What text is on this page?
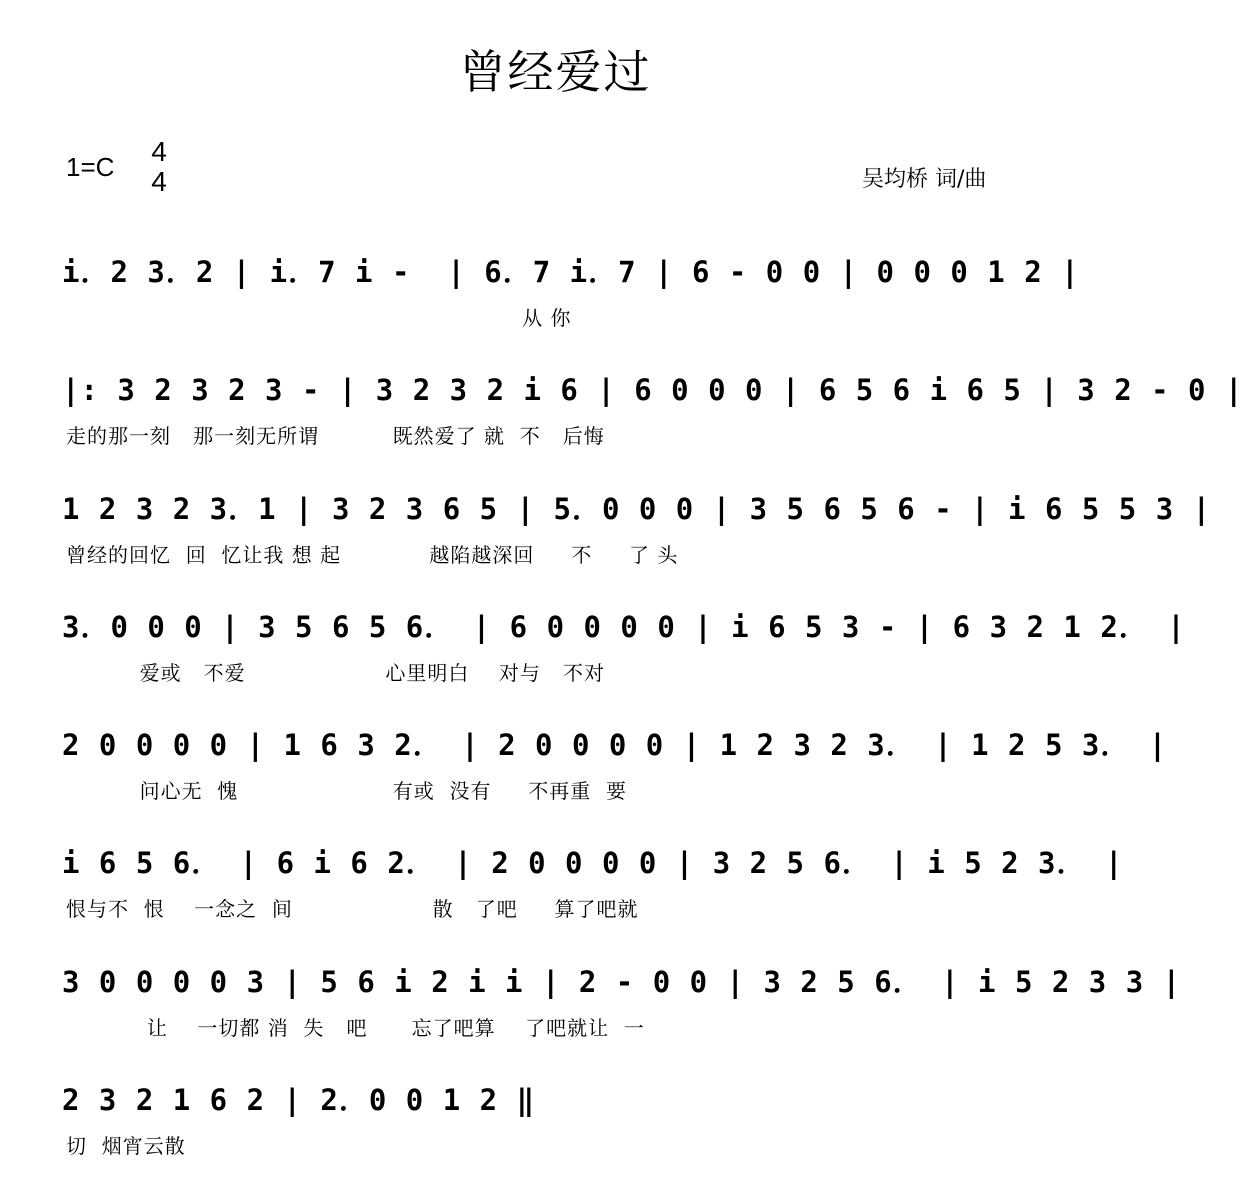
曾经爱过
1=C 4
4	吴均桥 词/曲
i．2 3．2 | i．7 i -  | 6．7 i．7 | 6 - 0 0 | 0 0 0 1 2 |
从 你
|: 3 2 3 2 3 - | 3 2 3 2 i 6 | 6 0 0 0 | 6 5 6 i 6 5 | 3 2 - 0 |
走的那一刻   那一刻无所谓          既然爱了 就  不   后悔
1 2 3 2 3．1 | 3 2 3 6 5 | 5．0 0 0 | 3 5 6 5 6 - | i 6 5 5 3 |
曾经的回忆  回  忆让我 想 起            越陷越深回     不     了 头
3．0 0 0 | 3 5 6 5 6． | 6 0 0 0 0 | i 6 5 3 - | 6 3 2 1 2． |
爱或   不爱                   心里明白    对与   不对
2 0 0 0 0 | 1 6 3 2． | 2 0 0 0 0 | 1 2 3 2 3． | 1 2 5 3． |
问心无  愧                     有或  没有     不再重  要
i 6 5 6． | 6 i 6 2． | 2 0 0 0 0 | 3 2 5 6． | i 5 2 3． |
恨与不  恨    一念之  间                   散   了吧     算了吧就
3 0 0 0 0 3 | 5 6 i 2 i i | 2 - 0 0 | 3 2 5 6． | i 5 2 3 3 |
让    一切都 消  失   吧      忘了吧算    了吧就让  一
2 3 2 1 6 2 | 2．0 0 1 2 ‖
切  烟宵云散
